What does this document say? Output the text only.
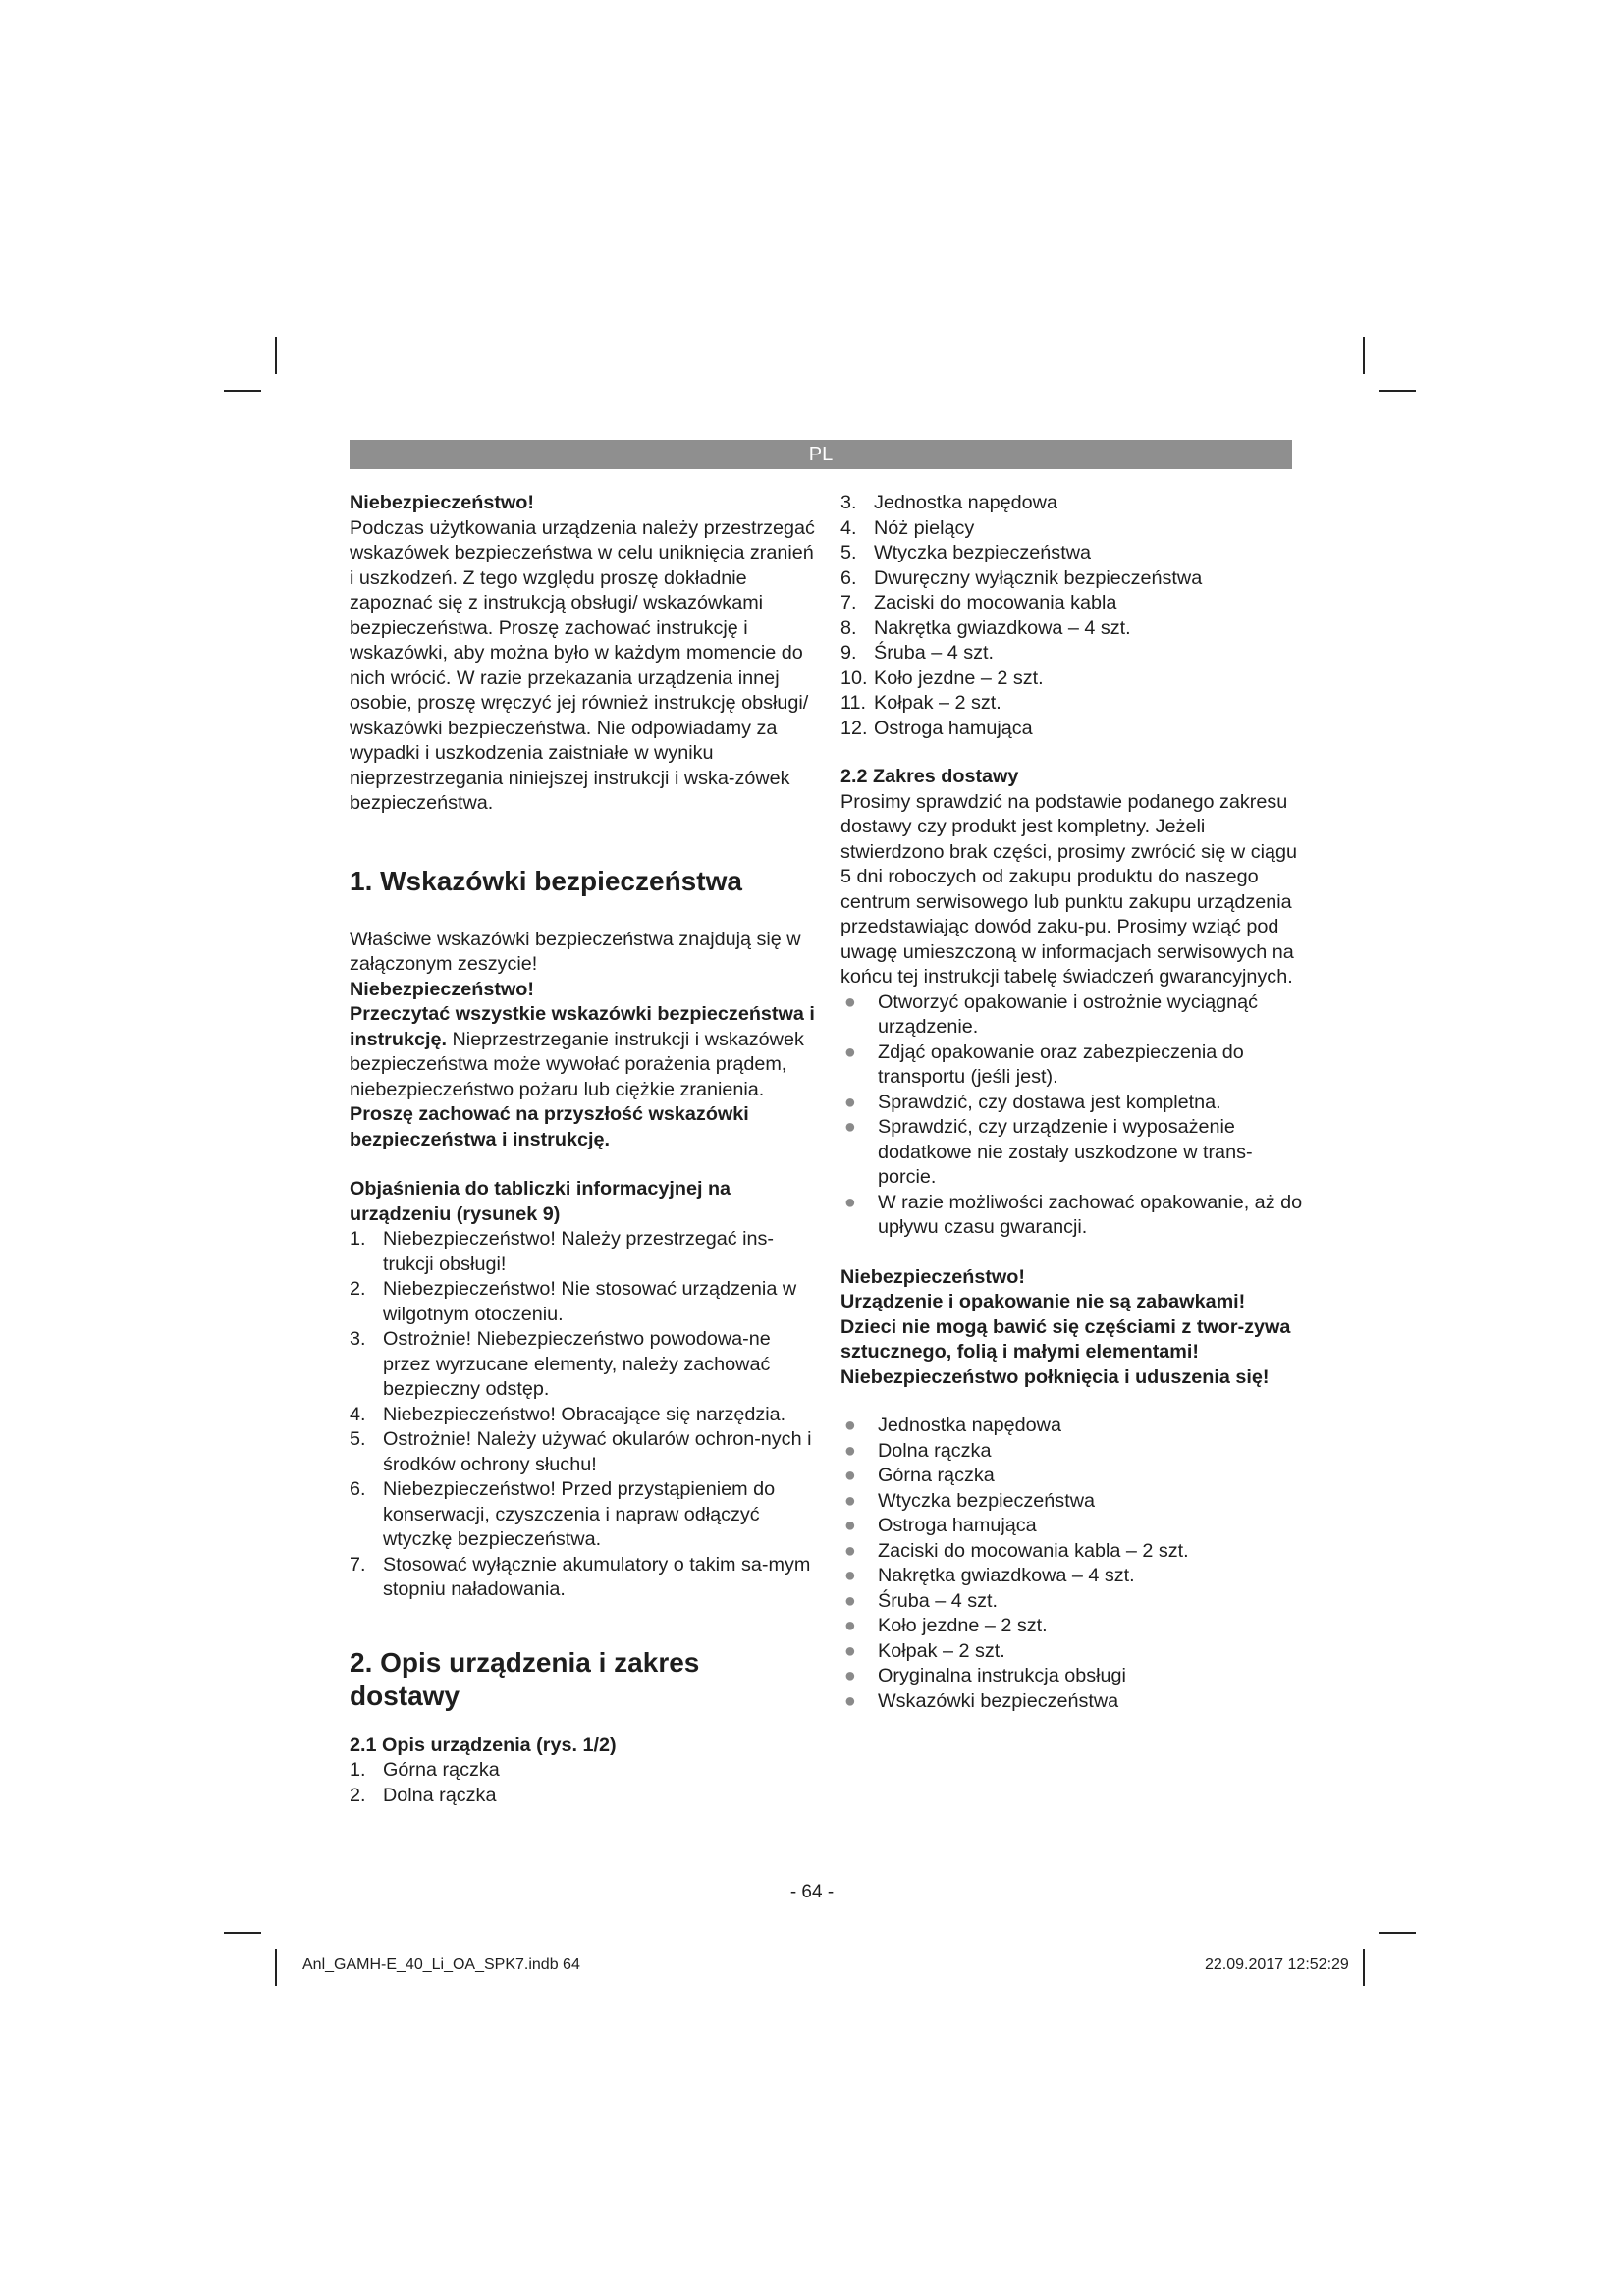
PL

Niebezpieczeństwo!

Podczas użytkowania urządzenia należy przestrzegać wskazówek bezpieczeństwa w celu uniknięcia zranień i uszkodzeń. Z tego względu proszę dokładnie zapoznać się z instrukcją obsługi/ wskazówkami bezpieczeństwa. Proszę zachować instrukcję i wskazówki, aby można było w każdym momencie do nich wrócić. W razie przekazania urządzenia innej osobie, proszę wręczyć jej również instrukcję obsługi/ wskazówki bezpieczeństwa. Nie odpowiadamy za wypadki i uszkodzenia zaistniałe w wyniku nieprzestrzegania niniejszej instrukcji i wska-zówek bezpieczeństwa.

1. Wskazówki bezpieczeństwa

Właściwe wskazówki bezpieczeństwa znajdują się w załączonym zeszycie!

Niebezpieczeństwo!

Przeczytać wszystkie wskazówki bezpieczeństwa i instrukcję. Nieprzestrzeganie instrukcji i wskazówek bezpieczeństwa może wywołać porażenia prądem, niebezpieczeństwo pożaru lub ciężkie zranienia. Proszę zachować na przyszłość wskazówki bezpieczeństwa i instrukcję.

Objaśnienia do tabliczki informacyjnej na urządzeniu (rysunek 9)

1. Niebezpieczeństwo! Należy przestrzegać ins-trukcji obsługi!
2. Niebezpieczeństwo! Nie stosować urządzenia w wilgotnym otoczeniu.
3. Ostrożnie! Niebezpieczeństwo powodowa-ne przez wyrzucane elementy, należy zachować bezpieczny odstęp.
4. Niebezpieczeństwo! Obracające się narzędzia.
5. Ostrożnie! Należy używać okularów ochron-nych i środków ochrony słuchu!
6. Niebezpieczeństwo! Przed przystąpieniem do konserwacji, czyszczenia i napraw odłączyć wtyczkę bezpieczeństwa.
7. Stosować wyłącznie akumulatory o takim sa-mym stopniu naładowania.

2. Opis urządzenia i zakres dostawy

2.1 Opis urządzenia (rys. 1/2)

1. Górna rączka
2. Dolna rączka
3. Jednostka napędowa
4. Nóż pielący
5. Wtyczka bezpieczeństwa
6. Dwuręczny wyłącznik bezpieczeństwa
7. Zaciski do mocowania kabla
8. Nakrętka gwiazdkowa – 4 szt.
9. Śruba – 4 szt.
10. Koło jezdne – 2 szt.
11. Kołpak – 2 szt.
12. Ostroga hamująca

2.2 Zakres dostawy

Prosimy sprawdzić na podstawie podanego zakresu dostawy czy produkt jest kompletny. Jeżeli stwierdzono brak części, prosimy zwrócić się w ciągu 5 dni roboczych od zakupu produktu do naszego centrum serwisowego lub punktu zakupu urządzenia przedstawiając dowód zaku-pu. Prosimy wziąć pod uwagę umieszczoną w informacjach serwisowych na końcu tej instrukcji tabelę świadczeń gwarancyjnych.

● Otworzyć opakowanie i ostrożnie wyciągnąć urządzenie.
● Zdjąć opakowanie oraz zabezpieczenia do transportu (jeśli jest).
● Sprawdzić, czy dostawa jest kompletna.
● Sprawdzić, czy urządzenie i wyposażenie dodatkowe nie zostały uszkodzone w trans-porcie.
● W razie możliwości zachować opakowanie, aż do upływu czasu gwarancji.

Niebezpieczeństwo!

Urządzenie i opakowanie nie są zabawkami! Dzieci nie mogą bawić się częściami z twor-zywa sztucznego, folią i małymi elementami! Niebezpieczeństwo połknięcia i uduszenia się!

● Jednostka napędowa
● Dolna rączka
● Górna rączka
● Wtyczka bezpieczeństwa
● Ostroga hamująca
● Zaciski do mocowania kabla – 2 szt.
● Nakrętka gwiazdkowa – 4 szt.
● Śruba – 4 szt.
● Koło jezdne – 2 szt.
● Kołpak – 2 szt.
● Oryginalna instrukcja obsługi
● Wskazówki bezpieczeństwa
- 64 -
Anl_GAMH-E_40_Li_OA_SPK7.indb 64	22.09.2017 12:52:29
